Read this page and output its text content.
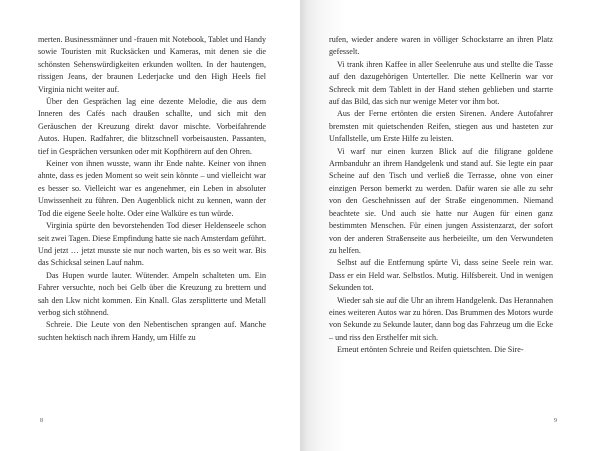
merten. Businessmänner und -frauen mit Notebook, Tablet und Handy sowie Touristen mit Rucksäcken und Kameras, mit denen sie die schönsten Sehenswürdigkeiten erkunden wollten. In der hautengen, rissigen Jeans, der braunen Lederjacke und den High Heels fiel Virginia nicht weiter auf.

Über den Gesprächen lag eine dezente Melodie, die aus dem Inneren des Cafés nach draußen schallte, und sich mit den Geräuschen der Kreuzung direkt davor mischte. Vorbeifahrende Autos. Hupen. Radfahrer, die blitzschnell vorbeisausten. Passanten, tief in Gesprächen versunken oder mit Kopfhörern auf den Ohren.

Keiner von ihnen wusste, wann ihr Ende nahte. Keiner von ihnen ahnte, dass es jeden Moment so weit sein könnte – und vielleicht war es besser so. Vielleicht war es angenehmer, ein Leben in absoluter Unwissenheit zu führen. Den Augenblick nicht zu kennen, wann der Tod die eigene Seele holte. Oder eine Walküre es tun würde.

Virginia spürte den bevorstehenden Tod dieser Heldenseele schon seit zwei Tagen. Diese Empfindung hatte sie nach Amsterdam geführt. Und jetzt … jetzt musste sie nur noch warten, bis es so weit war. Bis das Schicksal seinen Lauf nahm.

Das Hupen wurde lauter. Wütender. Ampeln schalteten um. Ein Fahrer versuchte, noch bei Gelb über die Kreuzung zu brettern und sah den Lkw nicht kommen. Ein Knall. Glas zersplitterte und Metall verbog sich stöhnend.

Schreie. Die Leute von den Nebentischen sprangen auf. Manche suchten hektisch nach ihrem Handy, um Hilfe zu

8

rufen, wieder andere waren in völliger Schockstarre an ihren Platz gefesselt.

Vi trank ihren Kaffee in aller Seelenruhe aus und stellte die Tasse auf den dazugehörigen Unterteller. Die nette Kellnerin war vor Schreck mit dem Tablett in der Hand stehen geblieben und starrte auf das Bild, das sich nur wenige Meter vor ihm bot.

Aus der Ferne ertönten die ersten Sirenen. Andere Autofahrer bremsten mit quietschenden Reifen, stiegen aus und hasteten zur Unfallstelle, um Erste Hilfe zu leisten.

Vi warf nur einen kurzen Blick auf die filigrane goldene Armbanduhr an ihrem Handgelenk und stand auf. Sie legte ein paar Scheine auf den Tisch und verließ die Terrasse, ohne von einer einzigen Person bemerkt zu werden. Dafür waren sie alle zu sehr von den Geschehnissen auf der Straße eingenommen. Niemand beachtete sie. Und auch sie hatte nur Augen für einen ganz bestimmten Menschen. Für einen jungen Assistenzarzt, der sofort von der anderen Straßenseite aus herbeieilte, um den Verwundeten zu helfen.

Selbst auf die Entfernung spürte Vi, dass seine Seele rein war. Dass er ein Held war. Selbstlos. Mutig. Hilfsbereit. Und in wenigen Sekunden tot.

Wieder sah sie auf die Uhr an ihrem Handgelenk. Das Herannahen eines weiteren Autos war zu hören. Das Brummen des Motors wurde von Sekunde zu Sekunde lauter, dann bog das Fahrzeug um die Ecke – und riss den Ersthelfer mit sich.

Erneut ertönten Schreie und Reifen quietschten. Die Sire-

9
